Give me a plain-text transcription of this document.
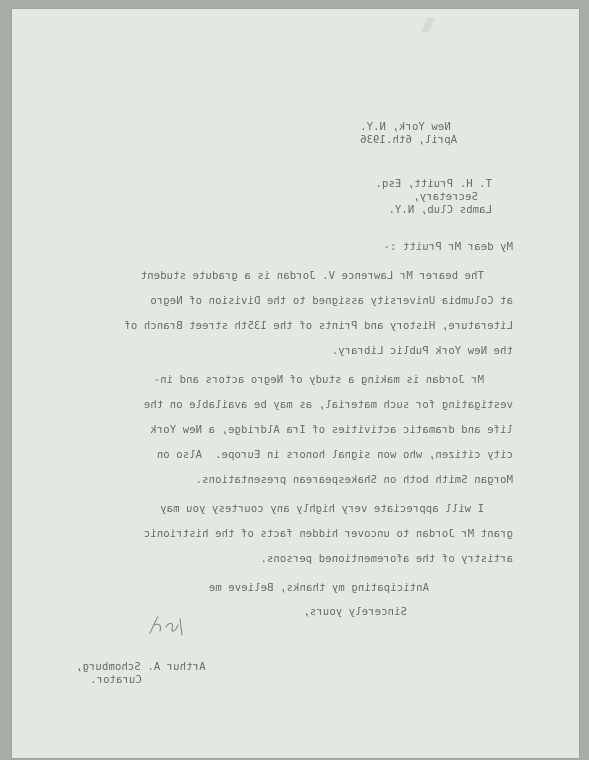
New York, N.Y.
April, 6th.1936
T. H. Pruitt, Esq.
Secretary,
Lambs Club, N.Y.
My dear Mr Pruitt :-
The bearer Mr Lawrence V. Jordan is a gradute student
at Columbia University assigned to the Division of Negro
Literature, History and Prints of the 135th street Branch of
the New York Public Library.
Mr Jordan is making a study of Negro actors and in-
vestigating for such material, as may be available on the
life and dramatic activities of Ira Aldridge, a New York
city citizen, who won signal honors in Europe.  Also on
Morgan Smith both on Shakespearean presentations.
I will appreciate very highly any courtesy you may
grant Mr Jordan to uncover hidden facts of the histrionic
artistry of the aforementioned persons.
Anticipating my thanks, Believe me
Sincerely yours,
Arthur A. Schomburg,
Curator.
